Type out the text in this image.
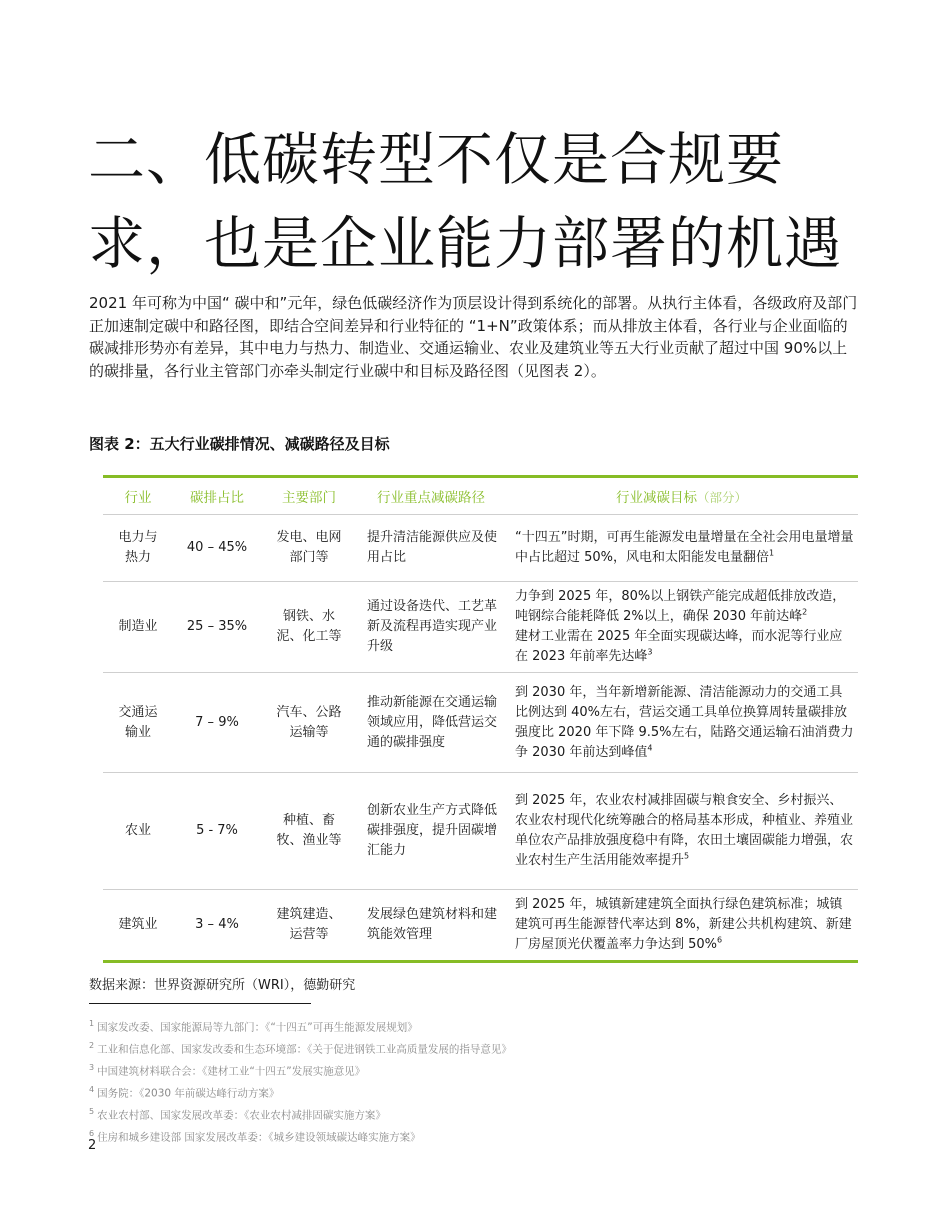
二、低碳转型不仅是合规要
求，也是企业能力部署的机遇

2021 年可称为中国“ 碳中和”元年，绿色低碳经济作为顶层设计得到系统化的部署。从执行主体看，各级政府及部门正加速制定碳中和路径图，即结合空间差异和行业特征的 “1+N”政策体系；而从排放主体看，各行业与企业面临的碳减排形势亦有差异，其中电力与热力、制造业、交通运输业、农业及建筑业等五大行业贡献了超过中国 90%以上的碳排量，各行业主管部门亦牵头制定行业碳中和目标及路径图（见图表 2）。

图表 2：五大行业碳排情况、减碳路径及目标

行业	碳排占比	主要部门	行业重点减碳路径	行业减碳目标（部分）

电力与热力	40 – 45%	发电、电网部门等	提升清洁能源供应及使用占比	“十四五”时期，可再生能源发电量增量在全社会用电量增量中占比超过 50%，风电和太阳能发电量翻倍$^1$
制造业	25 – 35%	钢铁、水泥、化工等	通过设备迭代、工艺革新及流程再造实现产业升级	力争到 2025 年，80%以上钢铁产能完成超低排放改造，吨钢综合能耗降低 2%以上，确保 2030 年前达峰$^2$
建材工业需在 2025 年全面实现碳达峰，而水泥等行业应在 2023 年前率先达峰$^3$

交通运输业	7 – 9%	汽车、公路运输等	推动新能源在交通运输领域应用，降低营运交通的碳排强度	到 2030 年，当年新增新能源、清洁能源动力的交通工具比例达到 40%左右，营运交通工具单位换算周转量碳排放强度比 2020 年下降 9.5%左右，陆路交通运输石油消费力争 2030 年前达到峰值$^4$
农业	5 - 7%	种植、畜牧、渔业等	创新农业生产方式降低碳排强度，提升固碳增汇能力	到 2025 年，农业农村减排固碳与粮食安全、乡村振兴、农业农村现代化统筹融合的格局基本形成，种植业、养殖业单位农产品排放强度稳中有降，农田土壤固碳能力增强，农业农村生产生活用能效率提升$^5$
建筑业	3 – 4%	建筑建造、运营等	发展绿色建筑材料和建筑能效管理	到 2025 年，城镇新建建筑全面执行绿色建筑标准；城镇建筑可再生能源替代率达到 8%，新建公共机构建筑、新建厂房屋顶光伏覆盖率力争达到 50%$^6$

数据来源：世界资源研究所（WRI），德勤研究

$^1$ 国家发改委、国家能源局等九部门：《“十四五”可再生能源发展规划》
$^2$ 工业和信息化部、国家发改委和生态环境部：《关于促进钢铁工业高质量发展的指导意见》
$^3$ 中国建筑材料联合会：《建材工业“十四五”发展实施意见》
$^4$ 国务院：《2030 年前碳达峰行动方案》
$^5$ 农业农村部、国家发展改革委：《农业农村减排固碳实施方案》
$^6$ 住房和城乡建设部 国家发展改革委：《城乡建设领域碳达峰实施方案》
2
